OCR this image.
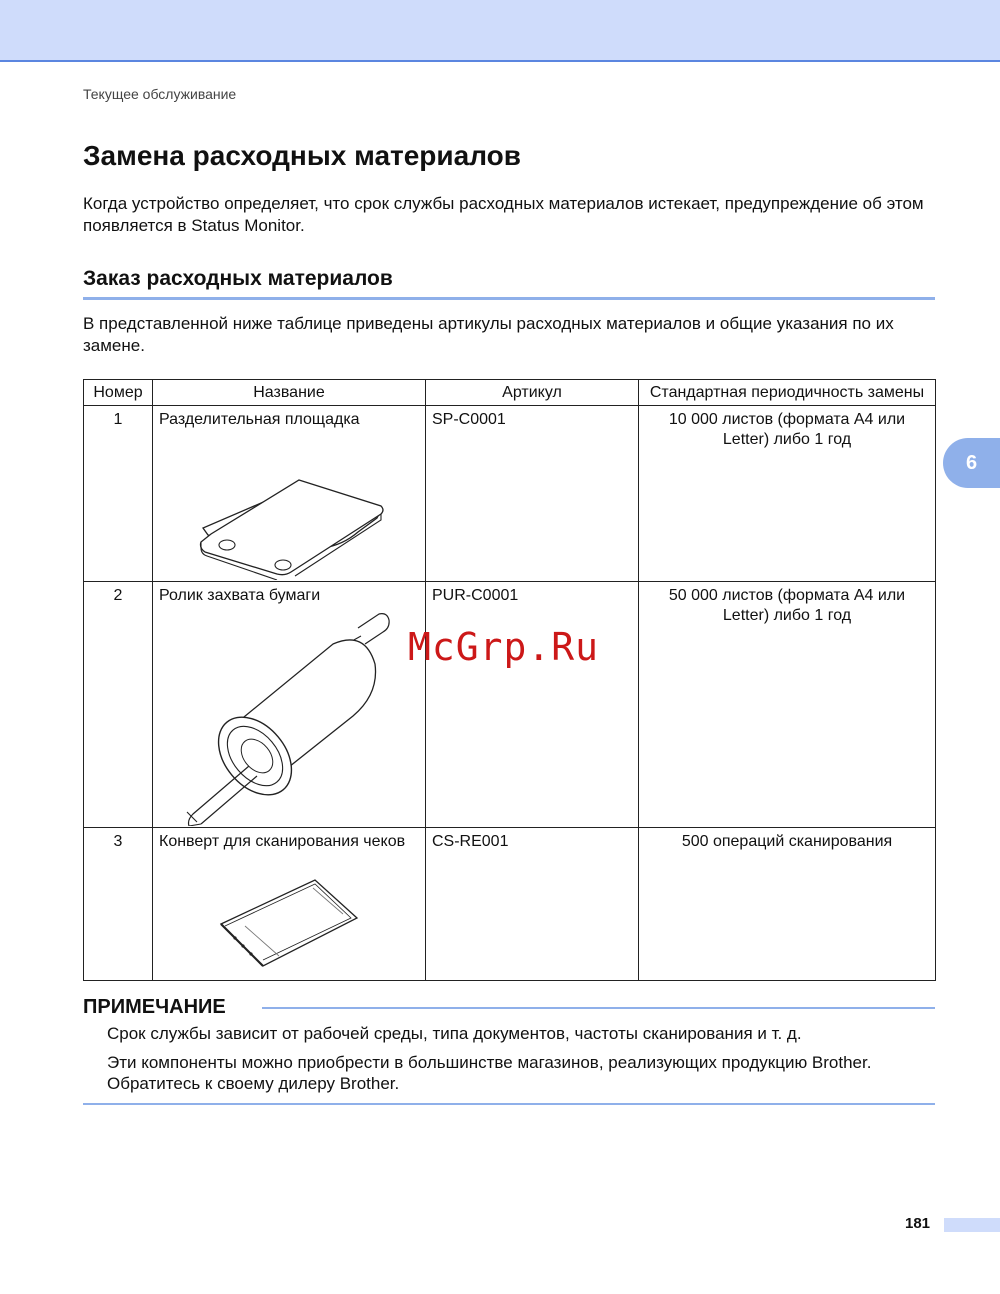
Текущее обслуживание
Замена расходных материалов

Когда устройство определяет, что срок службы расходных материалов истекает, предупреждение об этом появляется в Status Monitor.

Заказ расходных материалов

В представленной ниже таблице приведены артикулы расходных материалов и общие указания по их замене.

Номер	Название	Артикул	Стандартная периодичность замены

1	Разделительная площадка	SP-C0001	10 000 листов (формата A4 или Letter) либо 1 год

2	Ролик захвата бумаги	PUR-C0001	50 000 листов (формата A4 или Letter) либо 1 год

3	Конверт для сканирования чеков	CS-RE001	500 операций сканирования
6
McGrp.Ru
ПРИМЕЧАНИЕ

Срок службы зависит от рабочей среды, типа документов, частоты сканирования и т. д.

Эти компоненты можно приобрести в большинстве магазинов, реализующих продукцию Brother. Обратитесь к своему дилеру Brother.

181
